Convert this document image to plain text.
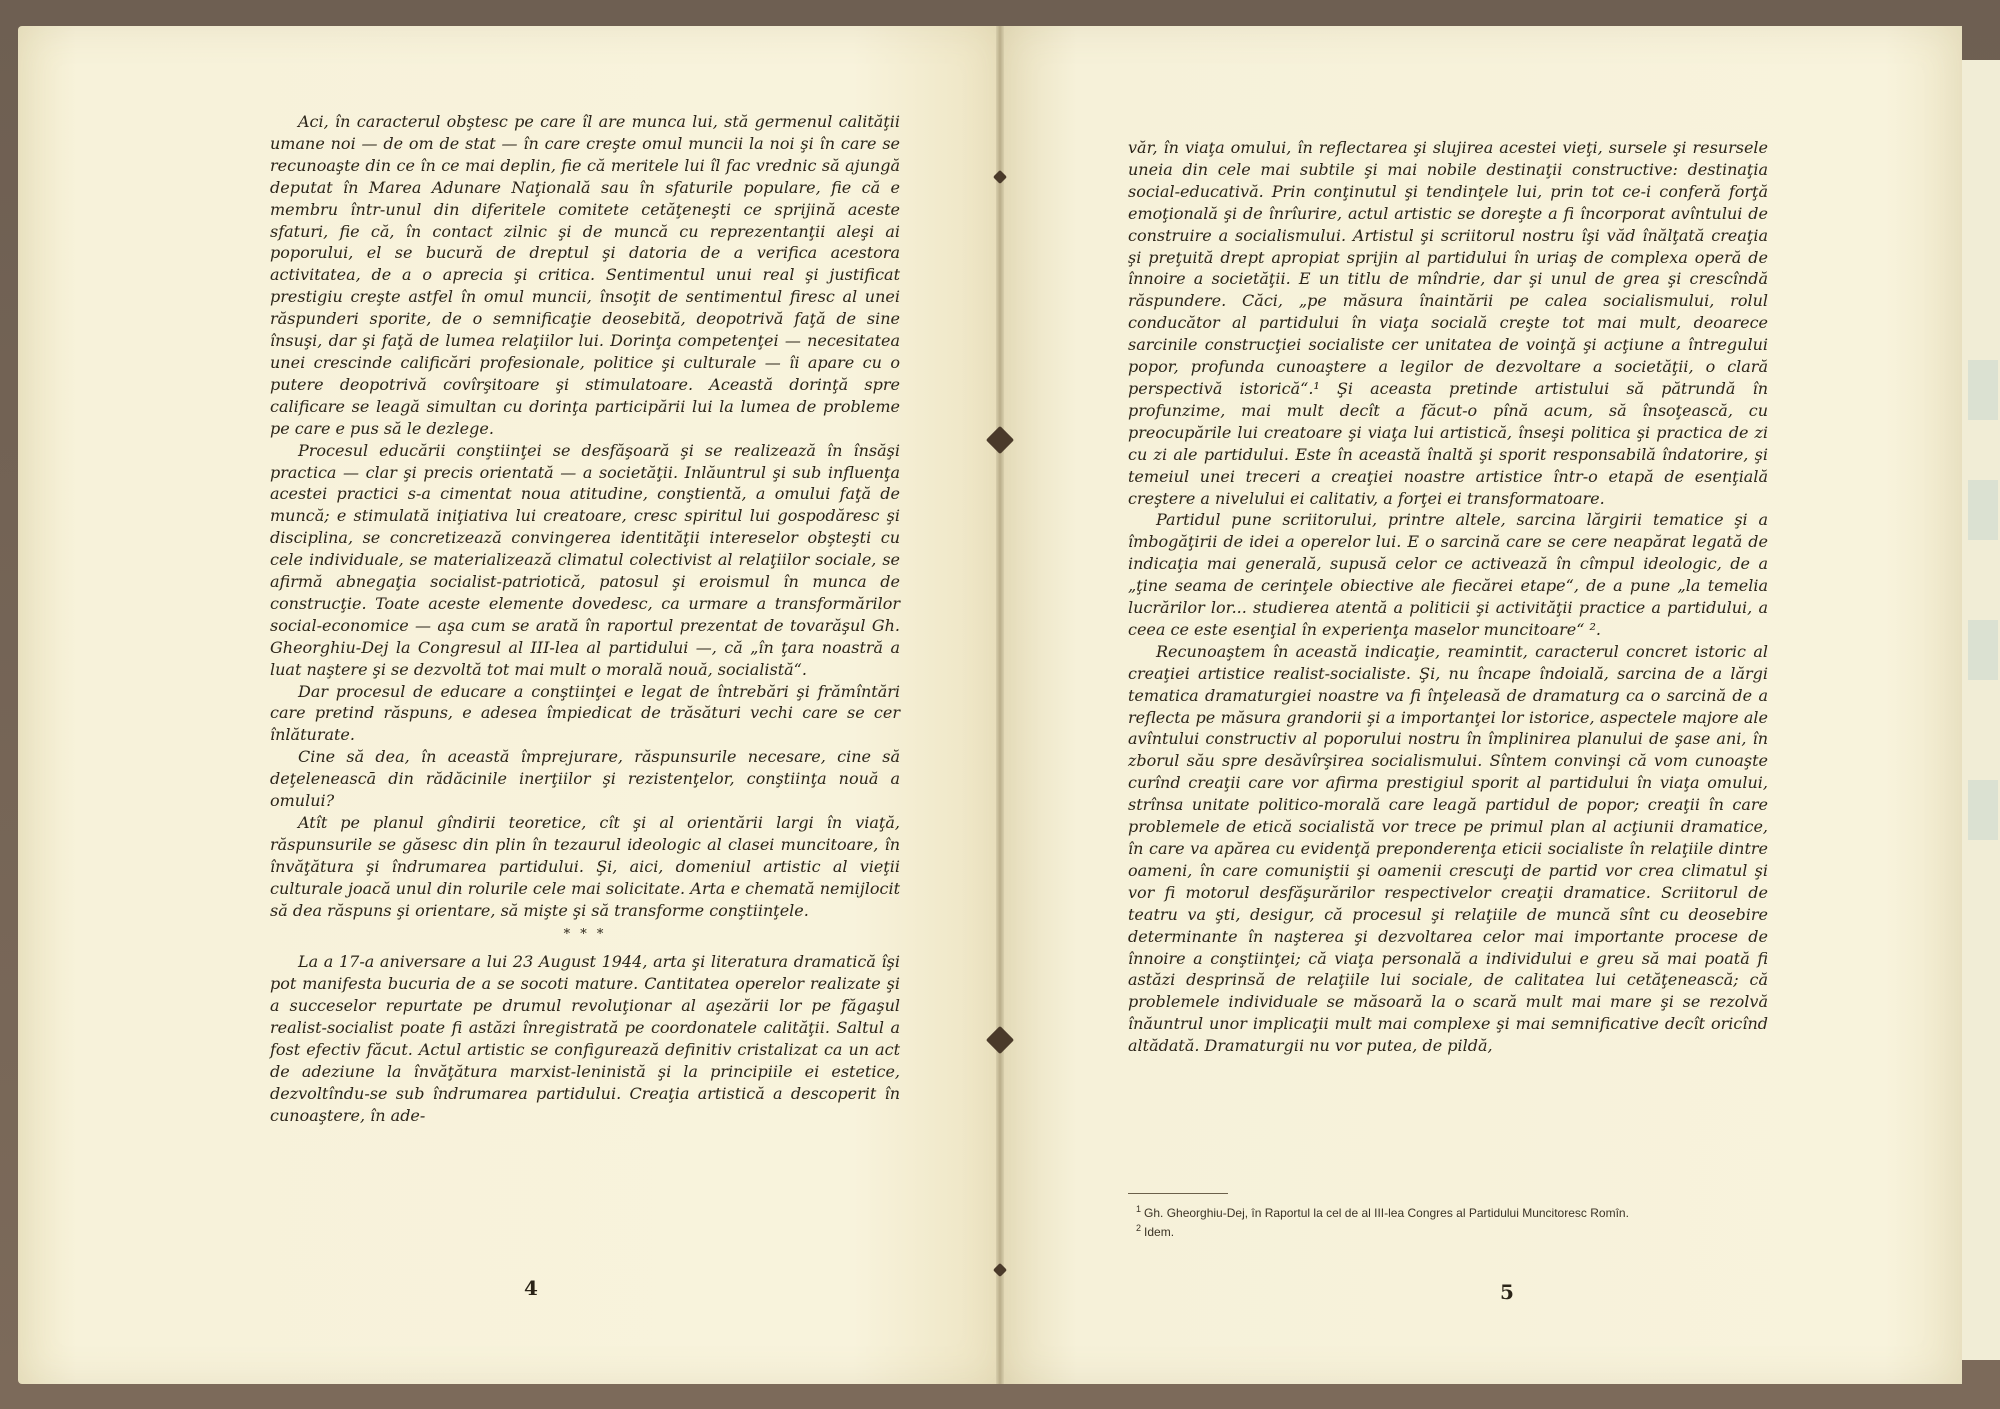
Aci, în caracterul obştesc pe care îl are munca lui, stă germenul calităţii umane noi — de om de stat — în care creşte omul muncii la noi şi în care se recunoaşte din ce în ce mai deplin, fie că meritele lui îl fac vrednic să ajungă deputat în Marea Adunare Naţională sau în sfaturile populare, fie că e membru într-unul din diferitele comitete cetăţeneşti ce sprijină aceste sfaturi, fie că, în contact zilnic şi de muncă cu reprezentanţii aleşi ai poporului, el se bucură de dreptul şi datoria de a verifica acestora activitatea, de a o aprecia şi critica. Sentimentul unui real şi justificat prestigiu creşte astfel în omul muncii, însoţit de sentimentul firesc al unei răspunderi sporite, de o semnificaţie deosebită, deopotrivă faţă de sine însuşi, dar şi faţă de lumea relaţiilor lui. Dorinţa competenţei — necesitatea unei crescinde calificări profesionale, politice şi culturale — îi apare cu o putere deopotrivă covîrşitoare şi stimulatoare. Această dorinţă spre calificare se leagă simultan cu dorinţa participării lui la lumea de probleme pe care e pus să le dezlege.

Procesul educării conştiinţei se desfăşoară şi se realizează în însăşi practica — clar şi precis orientată — a societăţii. Inlăuntrul şi sub influenţa acestei practici s-a cimentat noua atitudine, conştientă, a omului faţă de muncă; e stimulată iniţiativa lui creatoare, cresc spiritul lui gospodăresc şi disciplina, se concretizează convingerea identităţii intereselor obşteşti cu cele individuale, se materializează climatul colectivist al relaţiilor sociale, se afirmă abnegaţia socialist-patriotică, patosul şi eroismul în munca de construcţie. Toate aceste elemente dovedesc, ca urmare a transformărilor social-economice — aşa cum se arată în raportul prezentat de tovarăşul Gh. Gheorghiu-Dej la Congresul al III-lea al partidului —, că „în ţara noastră a luat naştere şi se dezvoltă tot mai mult o morală nouă, socialistă“.

Dar procesul de educare a conştiinţei e legat de întrebări şi frămîntări care pretind răspuns, e adesea împiedicat de trăsături vechi care se cer înlăturate.

Cine să dea, în această împrejurare, răspunsurile necesare, cine să deţeleneascā din rădăcinile inerţiilor şi rezistenţelor, conştiinţa nouă a omului?

Atît pe planul gîndirii teoretice, cît şi al orientării largi în viaţă, răspunsurile se găsesc din plin în tezaurul ideologic al clasei muncitoare, în învăţătura şi îndrumarea partidului. Şi, aici, domeniul artistic al vieţii culturale joacă unul din rolurile cele mai solicitate. Arta e chemată nemijlocit să dea răspuns şi orientare, să mişte şi să transforme conştiinţele.

* * *

La a 17-a aniversare a lui 23 August 1944, arta şi literatura dramatică îşi pot manifesta bucuria de a se socoti mature. Cantitatea operelor realizate şi a succeselor repurtate pe drumul revoluţionar al aşezării lor pe făgaşul realist-socialist poate fi astăzi înregistrată pe coordonatele calităţii. Saltul a fost efectiv făcut. Actul artistic se configurează definitiv cristalizat ca un act de adeziune la învăţătura marxist-leninistă şi la principiile ei estetice, dezvoltîndu-se sub îndrumarea partidului. Creaţia artistică a descoperit în cunoaştere, în ade-

văr, în viaţa omului, în reflectarea şi slujirea acestei vieţi, sursele şi resursele uneia din cele mai subtile şi mai nobile destinaţii constructive: destinaţia social-educativă. Prin conţinutul şi tendinţele lui, prin tot ce-i conferă forţă emoţională şi de înrîurire, actul artistic se doreşte a fi încorporat avîntului de construire a socialismului. Artistul şi scriitorul nostru îşi văd înălţată creaţia şi preţuită drept apropiat sprijin al partidului în uriaş de complexa operă de înnoire a societăţii. E un titlu de mîndrie, dar şi unul de grea şi crescîndă răspundere. Căci, „pe măsura înaintării pe calea socialismului, rolul conducător al partidului în viaţa socială creşte tot mai mult, deoarece sarcinile construcţiei socialiste cer unitatea de voinţă şi acţiune a întregului popor, profunda cunoaştere a legilor de dezvoltare a societăţii, o clară perspectivă istorică“.¹ Şi aceasta pretinde artistului să pătrundă în profunzime, mai mult decît a făcut-o pînă acum, să însoţească, cu preocupările lui creatoare şi viaţa lui artistică, înseşi politica şi practica de zi cu zi ale partidului. Este în această înaltă şi sporit responsabilă îndatorire, şi temeiul unei treceri a creaţiei noastre artistice într-o etapă de esenţială creştere a nivelului ei calitativ, a forţei ei transformatoare.

Partidul pune scriitorului, printre altele, sarcina lărgirii tematice şi a îmbogăţirii de idei a operelor lui. E o sarcină care se cere neapărat legată de indicaţia mai generală, supusă celor ce activează în cîmpul ideologic, de a „ţine seama de cerinţele obiective ale fiecărei etape“, de a pune „la temelia lucrărilor lor... studierea atentă a politicii şi activităţii practice a partidului, a ceea ce este esenţial în experienţa maselor muncitoare“ ².

Recunoaştem în această indicaţie, reamintit, caracterul concret istoric al creaţiei artistice realist-socialiste. Şi, nu încape îndoială, sarcina de a lărgi tematica dramaturgiei noastre va fi înţeleasă de dramaturg ca o sarcină de a reflecta pe măsura grandorii şi a importanţei lor istorice, aspectele majore ale avîntului constructiv al poporului nostru în împlinirea planului de şase ani, în zborul său spre desăvîrşirea socialismului. Sîntem convinşi că vom cunoaşte curînd creaţii care vor afirma prestigiul sporit al partidului în viaţa omului, strînsa unitate politico-morală care leagă partidul de popor; creaţii în care problemele de etică socialistă vor trece pe primul plan al acţiunii dramatice, în care va apărea cu evidenţă preponderenţa eticii socialiste în relaţiile dintre oameni, în care comuniştii şi oamenii crescuţi de partid vor crea climatul şi vor fi motorul desfăşurărilor respectivelor creaţii dramatice. Scriitorul de teatru va şti, desigur, că procesul şi relaţiile de muncă sînt cu deosebire determinante în naşterea şi dezvoltarea celor mai importante procese de înnoire a conştiinţei; că viaţa personală a individului e greu să mai poată fi astăzi desprinsă de relaţiile lui sociale, de calitatea lui cetăţenească; că problemele individuale se măsoară la o scară mult mai mare şi se rezolvă înăuntrul unor implicaţii mult mai complexe şi mai semnificative decît oricînd altădată. Dramaturgii nu vor putea, de pildă,

$^1$ Gh. Gheorghiu-Dej, în Raportul la cel de al III-lea Congres al Partidului Muncitoresc Romîn.

$^2$ Idem.

4	5
